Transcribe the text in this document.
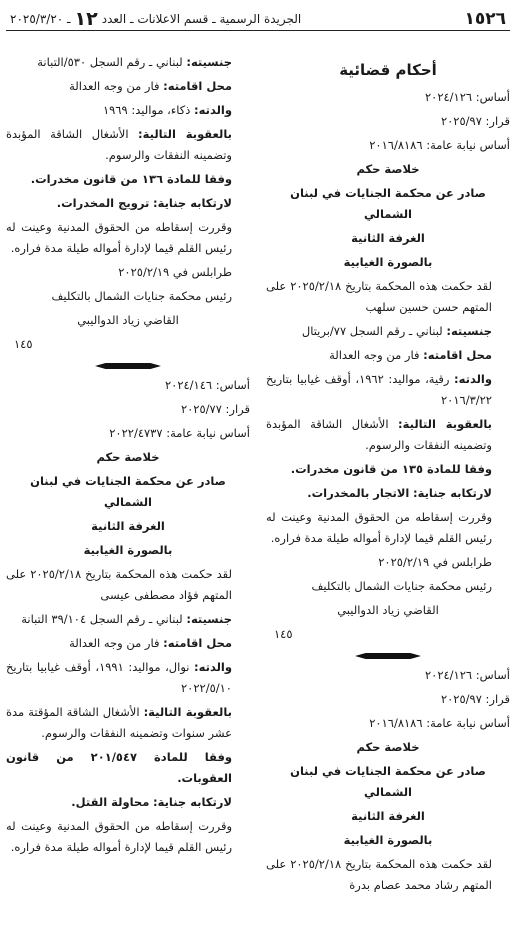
١٥٢٦
الجريدة الرسمية ـ قسم الاعلانات ـ العدد
١٢
ـ ٢٠٢٥/٣/٢٠
أحكام قضائية

أساس: ٢٠٢٤/١٢٦

قرار: ٢٠٢٥/٩٧

أساس نيابة عامة: ٢٠١٦/٨١٨٦

خلاصة حكم

صادر عن محكمة الجنايات في لبنان الشمالي

الغرفة الثانية

بالصورة الغيابية

لقد حكمت هذه المحكمة بتاريخ ٢٠٢٥/٢/١٨ على المتهم حسن حسين سلهب

جنسيته: لبناني ـ رقم السجل ٧٧/بريتال

محل اقامته: فار من وجه العدالة

والدته: رقية، مواليد: ١٩٦٢، أوقف غيابيا بتاريخ ٢٠١٦/٣/٢٢

بالعقوبة التالية: الأشغال الشاقة المؤبدة وتضمينه النفقات والرسوم.

وفقا للمادة ١٣٥ من قانون مخدرات.

لارتكابه جناية: الاتجار بالمخدرات.

وقررت إسقاطه من الحقوق المدنية وعينت له رئيس القلم قيما لإدارة أمواله طيلة مدة فراره.

طرابلس في ٢٠٢٥/٢/١٩

رئيس محكمة جنايات الشمال بالتكليف

القاضي زياد الدواليبي

١٤٥

أساس: ٢٠٢٤/١٢٦

قرار: ٢٠٢٥/٩٧

أساس نيابة عامة: ٢٠١٦/٨١٨٦

خلاصة حكم

صادر عن محكمة الجنايات في لبنان الشمالي

الغرفة الثانية

بالصورة الغيابية

لقد حكمت هذه المحكمة بتاريخ ٢٠٢٥/٢/١٨ على المتهم رشاد محمد عصام بدرة

جنسيته: لبناني ـ رقم السجل ٥٣٠/التبانة

محل اقامته: فار من وجه العدالة

والدته: ذكاء، مواليد: ١٩٦٩

بالعقوبة التالية: الأشغال الشاقة المؤبدة وتضمينه النفقات والرسوم.

وفقا للمادة ١٣٦ من قانون مخدرات.

لارتكابه جناية: ترويج المخدرات.

وقررت إسقاطه من الحقوق المدنية وعينت له رئيس القلم قيما لإدارة أمواله طيلة مدة فراره.

طرابلس في ٢٠٢٥/٢/١٩

رئيس محكمة جنايات الشمال بالتكليف

القاضي زياد الدواليبي

١٤٥

أساس: ٢٠٢٤/١٤٦

قرار: ٢٠٢٥/٧٧

أساس نيابة عامة: ٢٠٢٢/٤٧٣٧

خلاصة حكم

صادر عن محكمة الجنايات في لبنان الشمالي

الغرفة الثانية

بالصورة الغيابية

لقد حكمت هذه المحكمة بتاريخ ٢٠٢٥/٢/١٨ على المتهم فؤاد مصطفى عيسى

جنسيته: لبناني ـ رقم السجل ٣٩/١٠٤ التبانة

محل اقامته: فار من وجه العدالة

والدته: نوال، مواليد: ١٩٩١، أوقف غيابيا بتاريخ ٢٠٢٢/٥/١٠

بالعقوبة التالية: الأشغال الشاقة المؤقتة مدة عشر سنوات وتضمينه النفقات والرسوم.

وفقا للمادة ٢٠١/٥٤٧ من قانون العقوبات.

لارتكابه جناية: محاولة القتل.

وقررت إسقاطه من الحقوق المدنية وعينت له رئيس القلم قيما لإدارة أمواله طيلة مدة فراره.
